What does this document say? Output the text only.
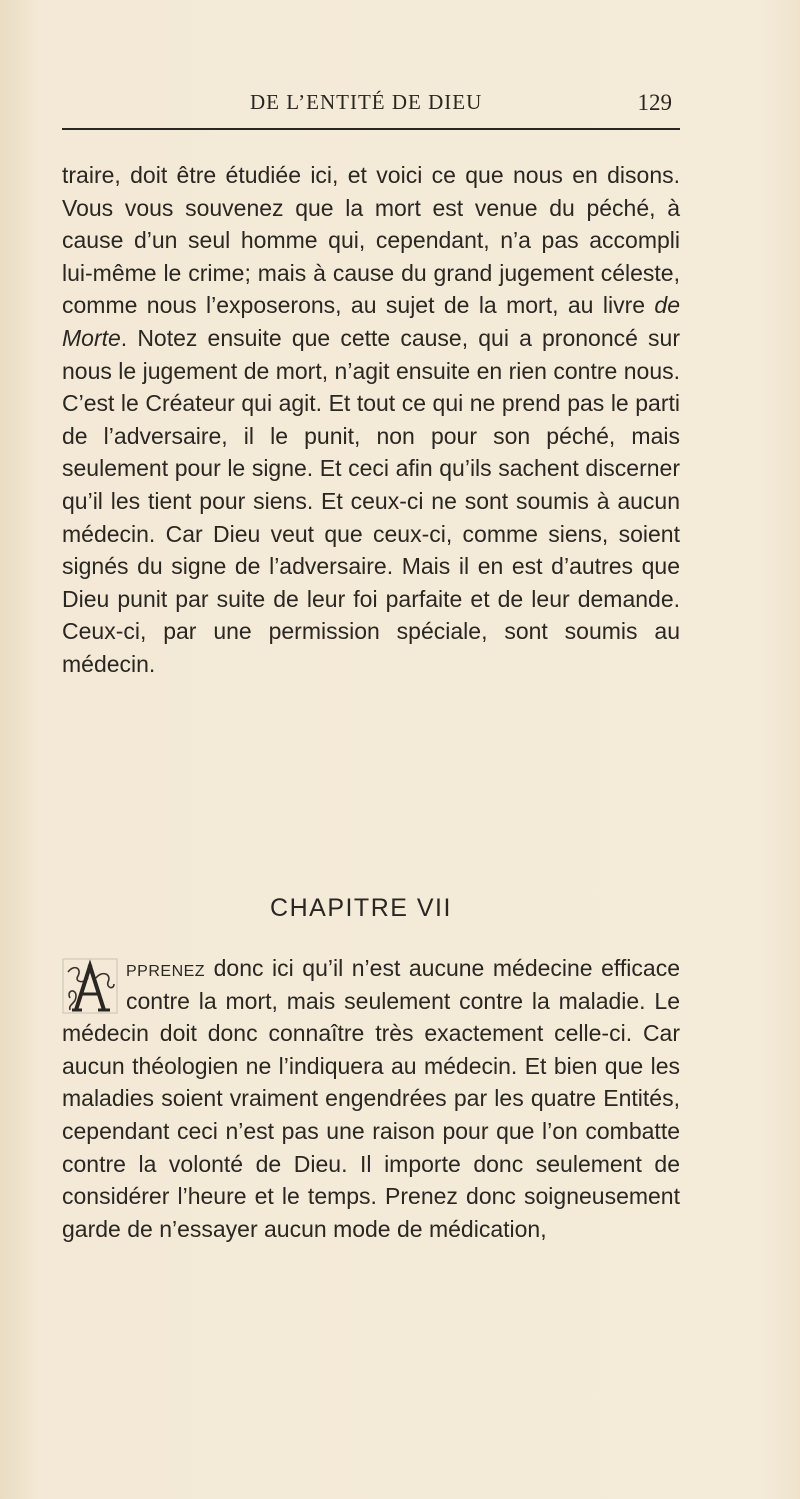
DE L’ENTITÉ DE DIEU	129

traire, doit être étudiée ici, et voici ce que nous en disons. Vous vous souvenez que la mort est venue du péché, à cause d’un seul homme qui, cependant, n’a pas accompli lui-même le crime; mais à cause du grand jugement céleste, comme nous l’exposerons, au sujet de la mort, au livre de Morte. Notez ensuite que cette cause, qui a prononcé sur nous le jugement de mort, n’agit ensuite en rien contre nous. C’est le Créateur qui agit. Et tout ce qui ne prend pas le parti de l’adversaire, il le punit, non pour son péché, mais seulement pour le signe. Et ceci afin qu’ils sachent discerner qu’il les tient pour siens. Et ceux-ci ne sont soumis à aucun médecin. Car Dieu veut que ceux-ci, comme siens, soient signés du signe de l’adversaire. Mais il en est d’autres que Dieu punit par suite de leur foi parfaite et de leur demande. Ceux-ci, par une permission spéciale, sont soumis au médecin.

CHAPITRE VII

pprenez donc ici qu’il n’est aucune médecine efficace contre la mort, mais seulement contre la maladie. Le médecin doit donc connaître très exactement celle-ci. Car aucun théologien ne l’indiquera au médecin. Et bien que les maladies soient vraiment engendrées par les quatre Entités, cependant ceci n’est pas une raison pour que l’on combatte contre la volonté de Dieu. Il importe donc seulement de considérer l’heure et le temps. Prenez donc soigneusement garde de n’essayer aucun mode de médication,
